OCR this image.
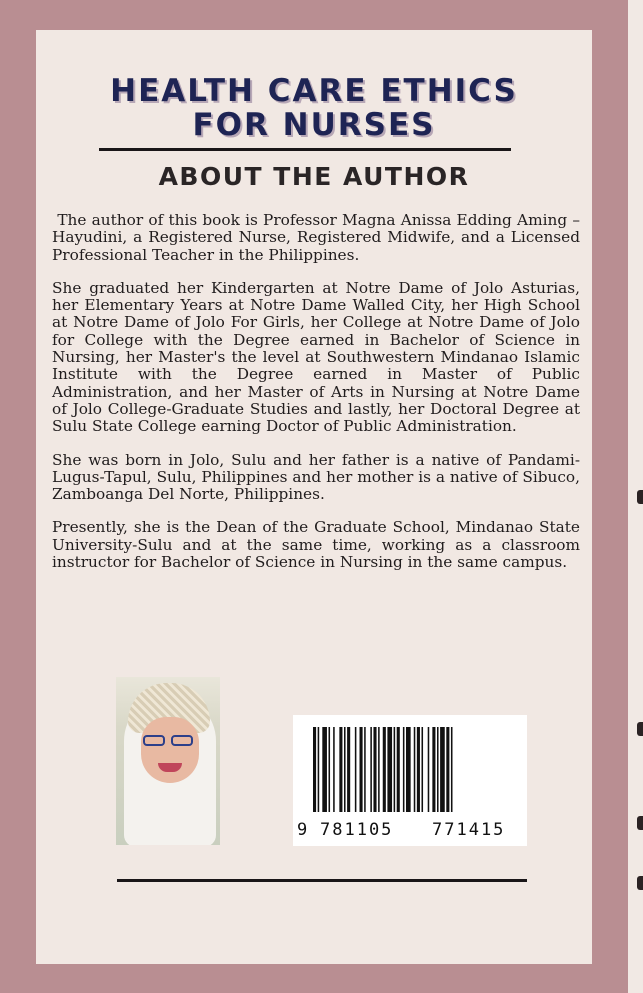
HEALTH CARE ETHICS
FOR NURSES
ABOUT THE AUTHOR

The author of this book is Professor Magna Anissa Edding Aming – Hayudini, a Registered Nurse, Registered Midwife, and a Licensed Professional Teacher in the Philippines.

She graduated her Kindergarten at Notre Dame of Jolo Asturias, her Elementary Years at Notre Dame Walled City, her High School at Notre Dame of Jolo For Girls, her College at Notre Dame of Jolo for College with the Degree earned in Bachelor of Science in Nursing, her Master's the level at Southwestern Mindanao Islamic Institute with the Degree earned in Master of Public Administration, and her Master of Arts in Nursing at Notre Dame of Jolo College-Graduate Studies and lastly, her Doctoral Degree at Sulu State College earning Doctor of Public Administration.

She was born in Jolo, Sulu and her father is a native of Pandami-Lugus-Tapul, Sulu, Philippines and her mother is a native of Sibuco, Zamboanga Del Norte, Philippines.

Presently, she is the Dean of the Graduate School, Mindanao State University-Sulu and at the same time, working as a classroom instructor for Bachelor of Science in Nursing in the same campus.

9 781105 771415
